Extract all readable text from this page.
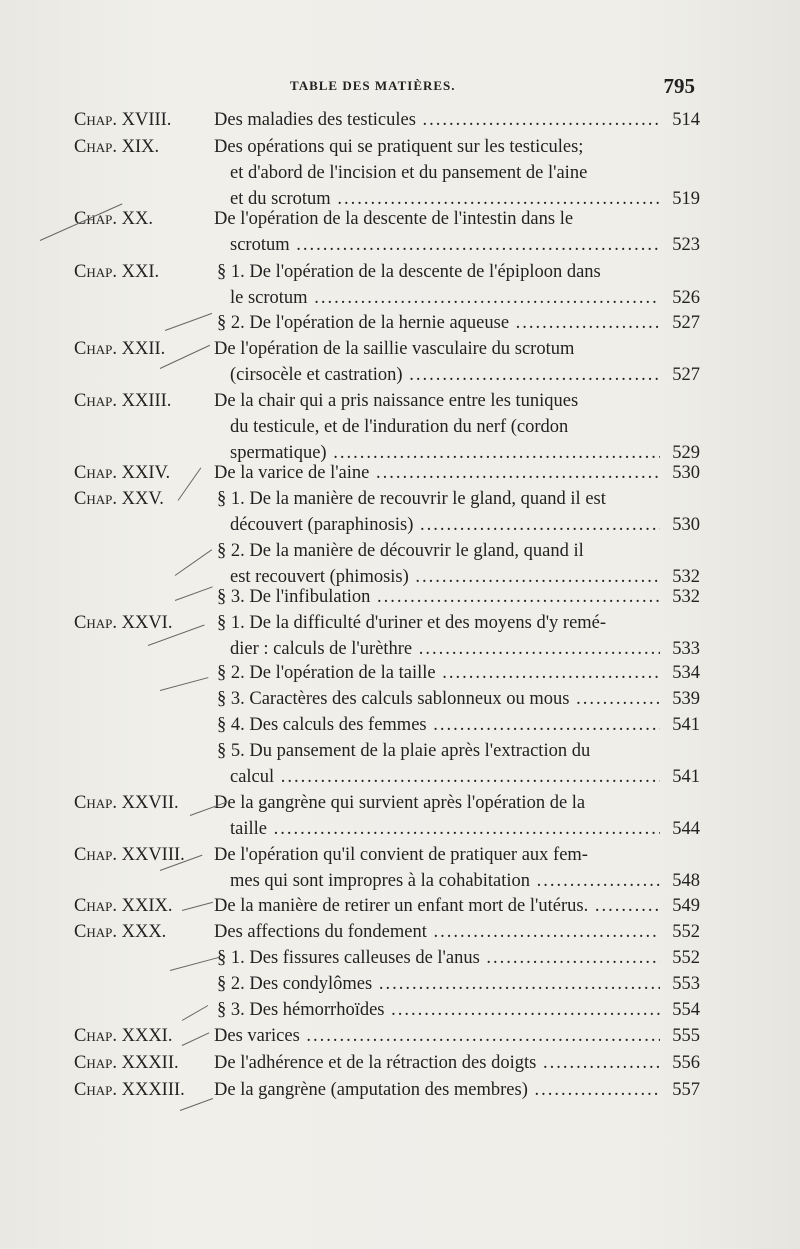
TABLE DES MATIÈRES.	795
Chap. XVIII.	Des maladies des testicules .....	514
Chap. XIX.	Des opérations qui se pratiquent sur les testicules;
et d'abord de l'incision et du pansement de l'aine
et du scrotum .....	519
Chap. XX.	De l'opération de la descente de l'intestin dans le
scrotum .....	523
Chap. XXI.	§ 1. De l'opération de la descente de l'épiploon dans
le scrotum .....	526
§ 2. De l'opération de la hernie aqueuse .....	527
Chap. XXII.	De l'opération de la saillie vasculaire du scrotum
(cirsocèle et castration) .....	527
Chap. XXIII.	De la chair qui a pris naissance entre les tuniques
du testicule, et de l'induration du nerf (cordon
spermatique) .....	529
Chap. XXIV.	De la varice de l'aine .....	530
Chap. XXV.	§ 1. De la manière de recouvrir le gland, quand il est
découvert (paraphinosis) .....	530
§ 2. De la manière de découvrir le gland, quand il
est recouvert (phimosis) .....	532
§ 3. De l'infibulation .....	532
Chap. XXVI.	§ 1. De la difficulté d'uriner et des moyens d'y remé-
dier : calculs de l'urèthre .....	533
§ 2. De l'opération de la taille .....	534
§ 3. Caractères des calculs sablonneux ou mous .....	539
§ 4. Des calculs des femmes .....	541
§ 5. Du pansement de la plaie après l'extraction du
calcul .....	541
Chap. XXVII.	De la gangrène qui survient après l'opération de la
taille .....	544
Chap. XXVIII.	De l'opération qu'il convient de pratiquer aux fem-
mes qui sont impropres à la cohabitation .....	548
Chap. XXIX.	De la manière de retirer un enfant mort de l'utérus. .....	549
Chap. XXX.	Des affections du fondement .....	552
§ 1. Des fissures calleuses de l'anus .....	552
§ 2. Des condylômes .....	553
§ 3. Des hémorrhoïdes .....	554
Chap. XXXI.	Des varices .....	555
Chap. XXXII.	De l'adhérence et de la rétraction des doigts .....	556
Chap. XXXIII.	De la gangrène (amputation des membres) .....	557
